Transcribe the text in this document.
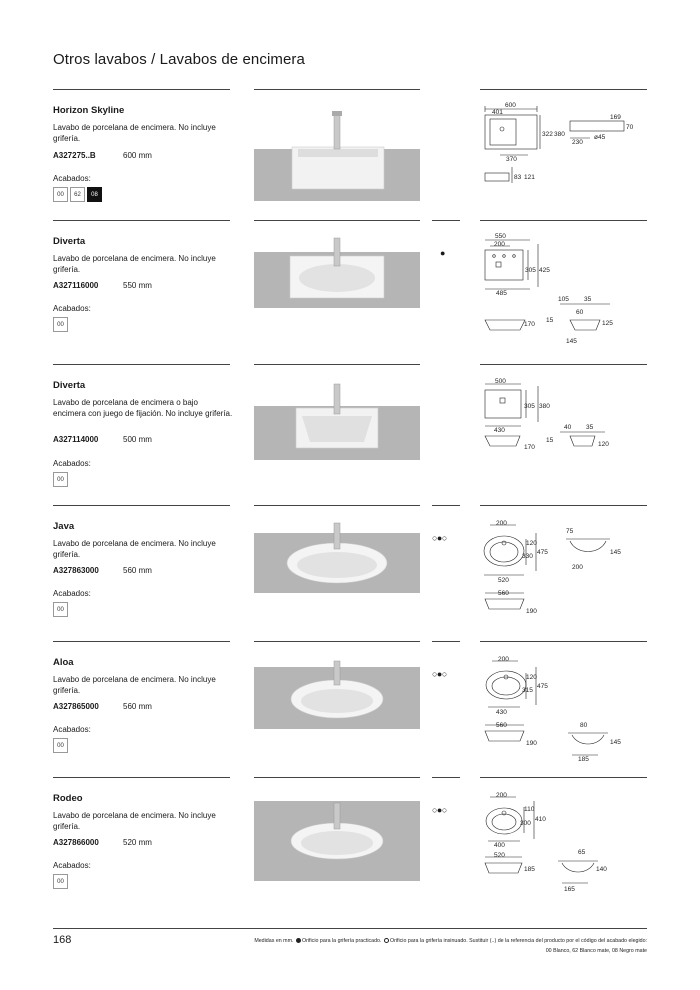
Otros lavabos / Lavabos de encimera
Horizon Skyline
Lavabo de porcelana de encimera. No incluye grifería.
A327275..B	600 mm
Acabados:
00	62	08
600
401
322 380
370
169
70
230
ø45
83 121
Diverta
Lavabo de porcelana de encimera. No incluye grifería.
A327116000	550 mm
Acabados:
00
●
550
200
305 425
485
170
105 35
60
15	125
145
Diverta
Lavabo de porcelana de encimera o bajo encimera con juego de fijación. No incluye grifería.
A327114000	500 mm
Acabados:
00
500
305 380
430
170
40 35
15
120
Java
Lavabo de porcelana de encimera. No incluye grifería.
A327863000	560 mm
Acabados:
00
○●○
200
120
330
475
520
75
145
200
560
190
Aloa
Lavabo de porcelana de encimera. No incluye grifería.
A327865000	560 mm
Acabados:
00
○●○
200
120
315
475
430
560
190
80
145
185
Rodeo
Lavabo de porcelana de encimera. No incluye grifería.
A327866000	520 mm
Acabados:
00
○●○
200
110
300
410
400
520
185
65
140
165
168	Medidas en mm. Orificio para la grifería practicado. Orificio para la grifería insinuado. Sustituir (..) de la referencia del producto por el código del acabado elegido:
00 Blanco, 62 Blanco mate, 08 Negro mate
